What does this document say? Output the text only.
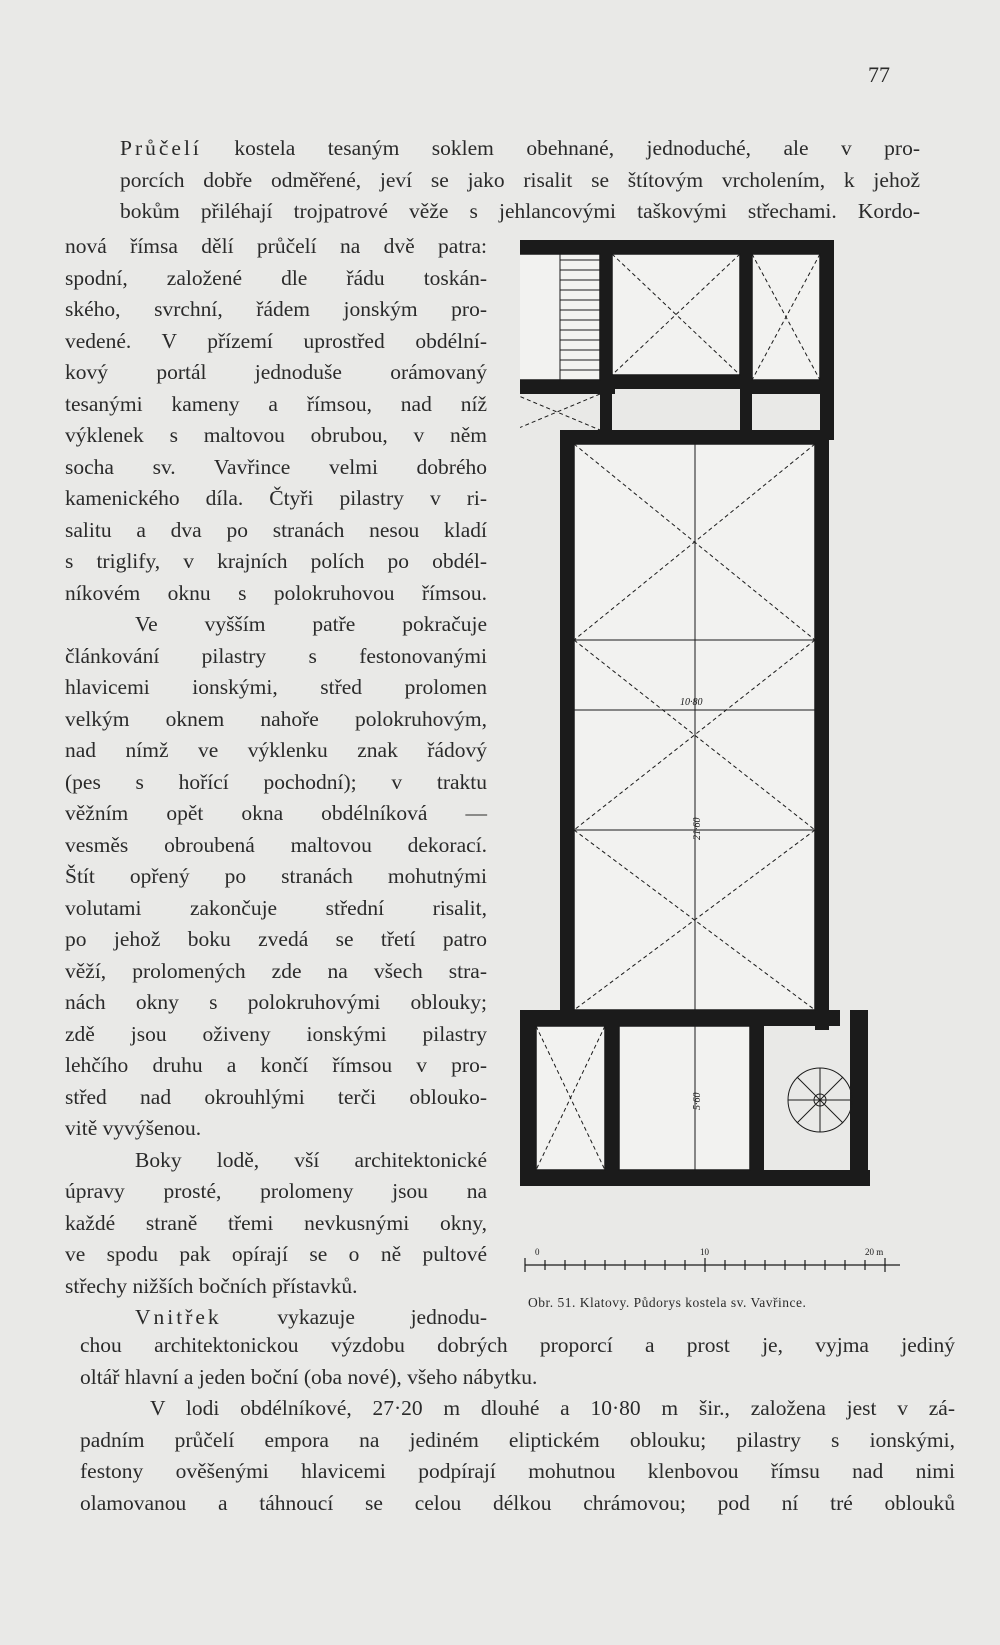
77
Průčelí kostela tesaným soklem obehnané, jednoduché, ale v pro-
porcích dobře odměřené, jeví se jako risalit se štítovým vrcholením, k jehož
bokům přiléhají trojpatrové věže s jehlancovými taškovými střechami. Kordo-
nová římsa dělí průčelí na dvě patra:
spodní, založené dle řádu toskán-
ského, svrchní, řádem jonským pro-
vedené. V přízemí uprostřed obdélní-
kový portál jednoduše orámovaný
tesanými kameny a římsou, nad níž
výklenek s maltovou obrubou, v něm
socha sv. Vavřince velmi dobrého
kamenického díla. Čtyři pilastry v ri-
salitu a dva po stranách nesou kladí
s triglify, v krajních polích po obdél-
níkovém oknu s polokruhovou římsou.
Ve vyšším patře pokračuje
článkování pilastry s festonovanými
hlavicemi ionskými, střed prolomen
velkým oknem nahoře polokruhovým,
nad nímž ve výklenku znak řádový
(pes s hořící pochodní); v traktu
věžním opět okna obdélníková —
vesměs obroubená maltovou dekorací.
Štít opřený po stranách mohutnými
volutami zakončuje střední risalit,
po jehož boku zvedá se třetí patro
věží, prolomených zde na všech stra-
nách okny s polokruhovými oblouky;
zdě jsou oživeny ionskými pilastry
lehčího druhu a končí římsou v pro-
střed nad okrouhlými terči oblouko-
vitě vyvýšenou.
Boky lodě, vší architektonické
úpravy prosté, prolomeny jsou na
každé straně třemi nevkusnými okny,
ve spodu pak opírají se o ně pultové
střechy nižších bočních přístavků.
Vnitřek vykazuje jednodu-
10·80
21·60
5·60
0	10	20 m
Obr. 51. Klatovy. Půdorys kostela sv. Vavřince.
chou architektonickou výzdobu dobrých proporcí a prost je, vyjma jediný
oltář hlavní a jeden boční (oba nové), všeho nábytku.
V lodi obdélníkové, 27·20 m dlouhé a 10·80 m šir., založena jest v zá-
padním průčelí empora na jediném eliptickém oblouku; pilastry s ionskými,
festony ověšenými hlavicemi podpírají mohutnou klenbovou římsu nad nimi
olamovanou a táhnoucí se celou délkou chrámovou; pod ní tré oblouků
